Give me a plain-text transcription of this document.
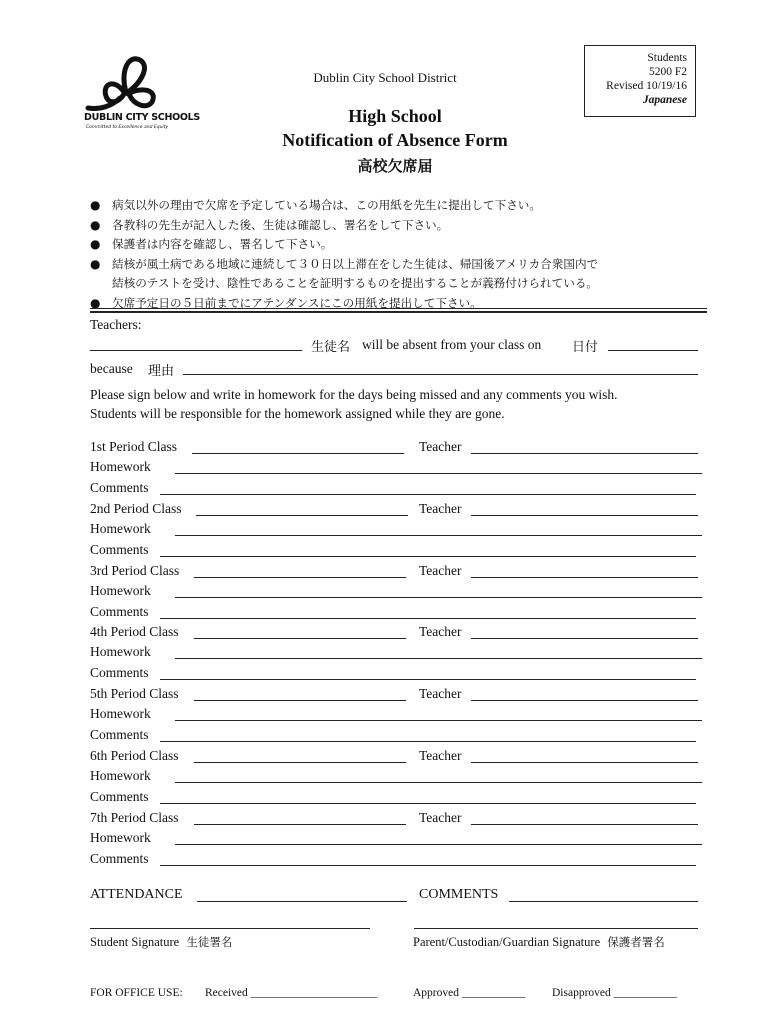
DUBLIN CITY SCHOOLS
Committed to Excellence and Equity
Dublin City School District
Students
5200 F2
Revised 10/19/16
Japanese
High School
Notification of Absence Form
高校欠席届
● 病気以外の理由で欠席を予定している場合は、この用紙を先生に提出して下さい。
● 各教科の先生が記入した後、生徒は確認し、署名をして下さい。
● 保護者は内容を確認し、署名して下さい。
● 結核が風土病である地域に連続して３０日以上滞在をした生徒は、帰国後アメリカ合衆国内で
結核のテストを受け、陰性であることを証明するものを提出することが義務付けられている。
● 欠席予定日の５日前までにアテンダンスにこの用紙を提出して下さい。
Teachers:
生徒名 will be absent from your class on 日付
because 理由
Please sign below and write in homework for the days being missed and any comments you wish.
Students will be responsible for the homework assigned while they are gone.
1st Period Class	Teacher
Homework
Comments
2nd Period Class	Teacher
Homework
Comments
3rd Period Class	Teacher
Homework
Comments
4th Period Class	Teacher
Homework
Comments
5th Period Class	Teacher
Homework
Comments
6th Period Class	Teacher
Homework
Comments
7th Period Class	Teacher
Homework
Comments
ATTENDANCE	COMMENTS
Student Signature 生徒署名	Parent/Custodian/Guardian Signature 保護者署名
FOR OFFICE USE: Received ______________________	Approved ___________ Disapproved ___________
